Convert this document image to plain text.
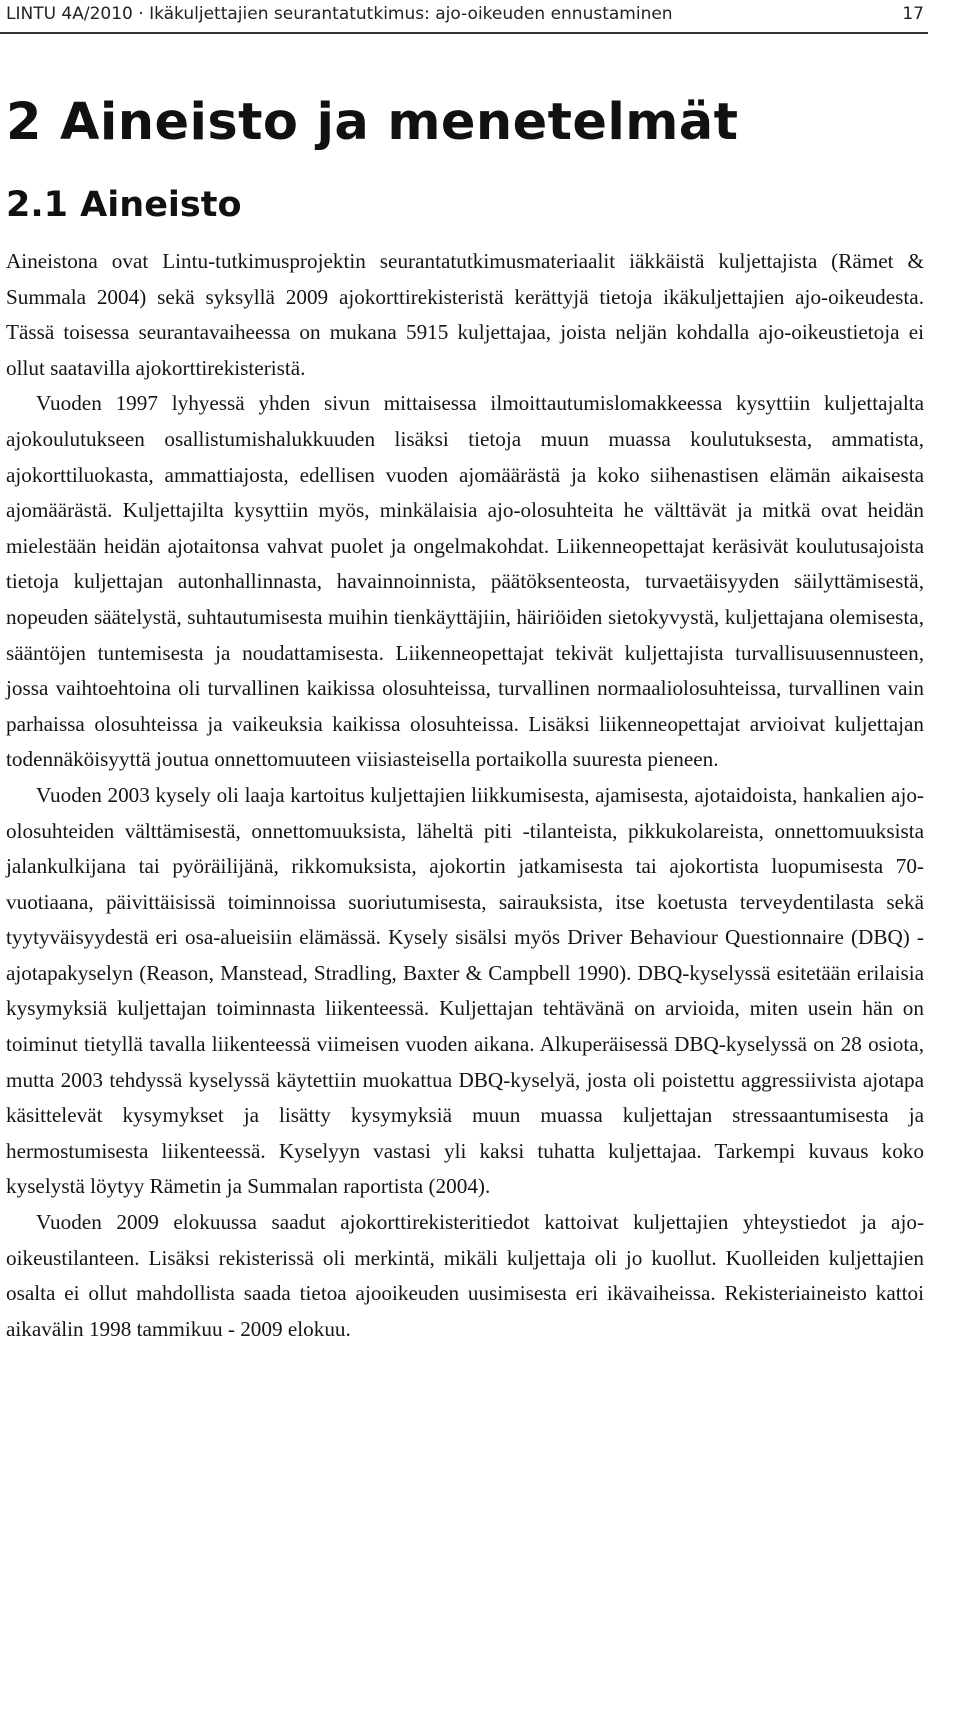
LINTU 4A/2010 · Ikäkuljettajien seurantatutkimus: ajo-oikeuden ennustaminen	17
2 Aineisto ja menetelmät
2.1 Aineisto

Aineistona ovat Lintu-tutkimusprojektin seurantatutkimusmateriaalit iäkkäistä kuljettajista (Rämet & Summala 2004) sekä syksyllä 2009 ajokorttirekisteristä kerättyjä tietoja ikäkuljettajien ajo-oikeudesta. Tässä toisessa seurantavaiheessa on mukana 5915 kuljettajaa, joista neljän kohdalla ajo-oikeustietoja ei ollut saatavilla ajokorttirekisteristä.

Vuoden 1997 lyhyessä yhden sivun mittaisessa ilmoittautumislomakkeessa kysyttiin kuljettajalta ajokoulutukseen osallistumishalukkuuden lisäksi tietoja muun muassa koulutuksesta, ammatista, ajokorttiluokasta, ammattiajosta, edellisen vuoden ajomäärästä ja koko siihenastisen elämän aikaisesta ajomäärästä. Kuljettajilta kysyttiin myös, minkälaisia ajo-olosuhteita he välttävät ja mitkä ovat heidän mielestään heidän ajotaitonsa vahvat puolet ja ongelmakohdat. Liikenneopettajat keräsivät koulutusajoista tietoja kuljettajan autonhallinnasta, havainnoinnista, päätöksenteosta, turvaetäisyyden säilyttämisestä, nopeuden säätelystä, suhtautumisesta muihin tienkäyttäjiin, häiriöiden sietokyvystä, kuljettajana olemisesta, sääntöjen tuntemisesta ja noudattamisesta. Liikenneopettajat tekivät kuljettajista turvallisuusennusteen, jossa vaihtoehtoina oli turvallinen kaikissa olosuhteissa, turvallinen normaaliolosuhteissa, turvallinen vain parhaissa olosuhteissa ja vaikeuksia kaikissa olosuhteissa. Lisäksi liikenneopettajat arvioivat kuljettajan todennäköisyyttä joutua onnettomuuteen viisiasteisella portaikolla suuresta pieneen.

Vuoden 2003 kysely oli laaja kartoitus kuljettajien liikkumisesta, ajamisesta, ajotaidoista, hankalien ajo-olosuhteiden välttämisestä, onnettomuuksista, läheltä piti -tilanteista, pikkukolareista, onnettomuuksista jalankulkijana tai pyöräilijänä, rikkomuksista, ajokortin jatkamisesta tai ajokortista luopumisesta 70-vuotiaana, päivittäisissä toiminnoissa suoriutumisesta, sairauksista, itse koetusta terveydentilasta sekä tyytyväisyydestä eri osa-alueisiin elämässä. Kysely sisälsi myös Driver Behaviour Questionnaire (DBQ) - ajotapakyselyn (Reason, Manstead, Stradling, Baxter & Campbell 1990). DBQ-kyselyssä esitetään erilaisia kysymyksiä kuljettajan toiminnasta liikenteessä. Kuljettajan tehtävänä on arvioida, miten usein hän on toiminut tietyllä tavalla liikenteessä viimeisen vuoden aikana. Alkuperäisessä DBQ-kyselyssä on 28 osiota, mutta 2003 tehdyssä kyselyssä käytettiin muokattua DBQ-kyselyä, josta oli poistettu aggressiivista ajotapa käsittelevät kysymykset ja lisätty kysymyksiä muun muassa kuljettajan stressaantumisesta ja hermostumisesta liikenteessä. Kyselyyn vastasi yli kaksi tuhatta kuljettajaa. Tarkempi kuvaus koko kyselystä löytyy Rämetin ja Summalan raportista (2004).

Vuoden 2009 elokuussa saadut ajokorttirekisteritiedot kattoivat kuljettajien yhteystiedot ja ajo-oikeustilanteen. Lisäksi rekisterissä oli merkintä, mikäli kuljettaja oli jo kuollut. Kuolleiden kuljettajien osalta ei ollut mahdollista saada tietoa ajooikeuden uusimisesta eri ikävaiheissa. Rekisteriaineisto kattoi aikavälin 1998 tammikuu - 2009 elokuu.
